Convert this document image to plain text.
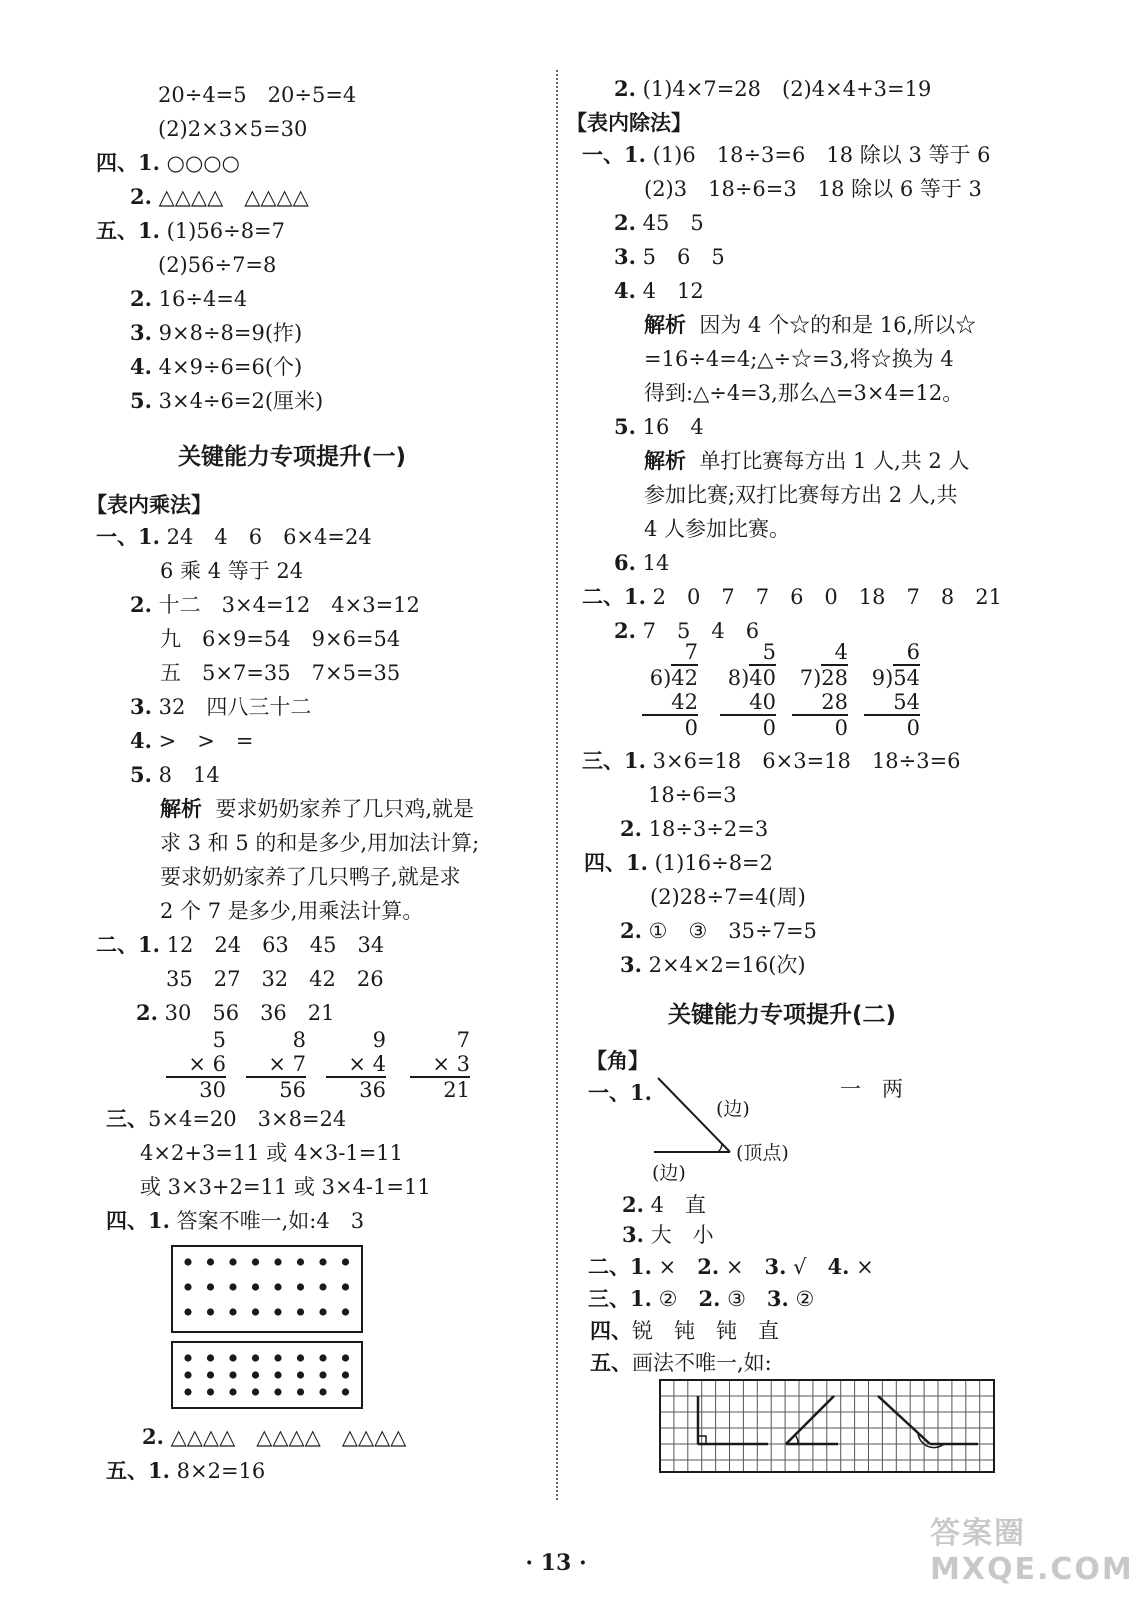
20÷4=5　20÷5=4
(2)2×3×5=30
四、1. ○○○○
2. △△△△　△△△△
五、1. (1)56÷8=7
(2)56÷7=8
2. 16÷4=4
3. 9×8÷8=9(拃)
4. 4×9÷6=6(个)
5. 3×4÷6=2(厘米)
关键能力专项提升(一)
【表内乘法】
一、1. 24　4　6　6×4=24
6 乘 4 等于 24
2. 十二　3×4=12　4×3=12
九　6×9=54　9×6=54
五　5×7=35　7×5=35
3. 32　四八三十二
4. >　>　=
5. 8　14
解析 要求奶奶家养了几只鸡,就是
求 3 和 5 的和是多少,用加法计算;
要求奶奶家养了几只鸭子,就是求
2 个 7 是多少,用乘法计算。
二、1. 12　24　63　45　34
35　27　32　42　26
2. 30　56　36　21
5
× 6
30
8
× 7
56
9
× 4
36
7
× 3
21
三、5×4=20　3×8=24
4×2+3=11 或 4×3-1=11
或 3×3+2=11 或 3×4-1=11
四、1. 答案不唯一,如:4　3
2. △△△△　△△△△　△△△△
五、1. 8×2=16
2. (1)4×7=28　(2)4×4+3=19
【表内除法】
一、1. (1)6　18÷3=6　18 除以 3 等于 6
(2)3　18÷6=3　18 除以 6 等于 3
2. 45　5
3. 5　6　5
4. 4　12
解析 因为 4 个☆的和是 16,所以☆
=16÷4=4;△÷☆=3,将☆换为 4
得到:△÷4=3,那么△=3×4=12。
5. 16　4
解析 单打比赛每方出 1 人,共 2 人
参加比赛;双打比赛每方出 2 人,共
4 人参加比赛。
6. 14
二、1. 2　0　7　7　6　0　18　7　8　21
2. 7　5　4　6
7
6)42
42
0
5
8)40
40
0
4
7)28
28
0
6
9)54
54
0
三、1. 3×6=18　6×3=18　18÷3=6
18÷6=3
2. 18÷3÷2=3
四、1. (1)16÷8=2
(2)28÷7=4(周)
2. ①　③　35÷7=5
3. 2×4×2=16(次)
关键能力专项提升(二)
【角】
一、1.
(边)
(顶点)
(边)
一　两
2. 4　直
3. 大　小
二、1. ×　2. ×　3. √　4. ×
三、1. ②　2. ③　3. ②
四、锐　钝　钝　直
五、画法不唯一,如:
· 13 ·
答案圈 MXQE.COM
